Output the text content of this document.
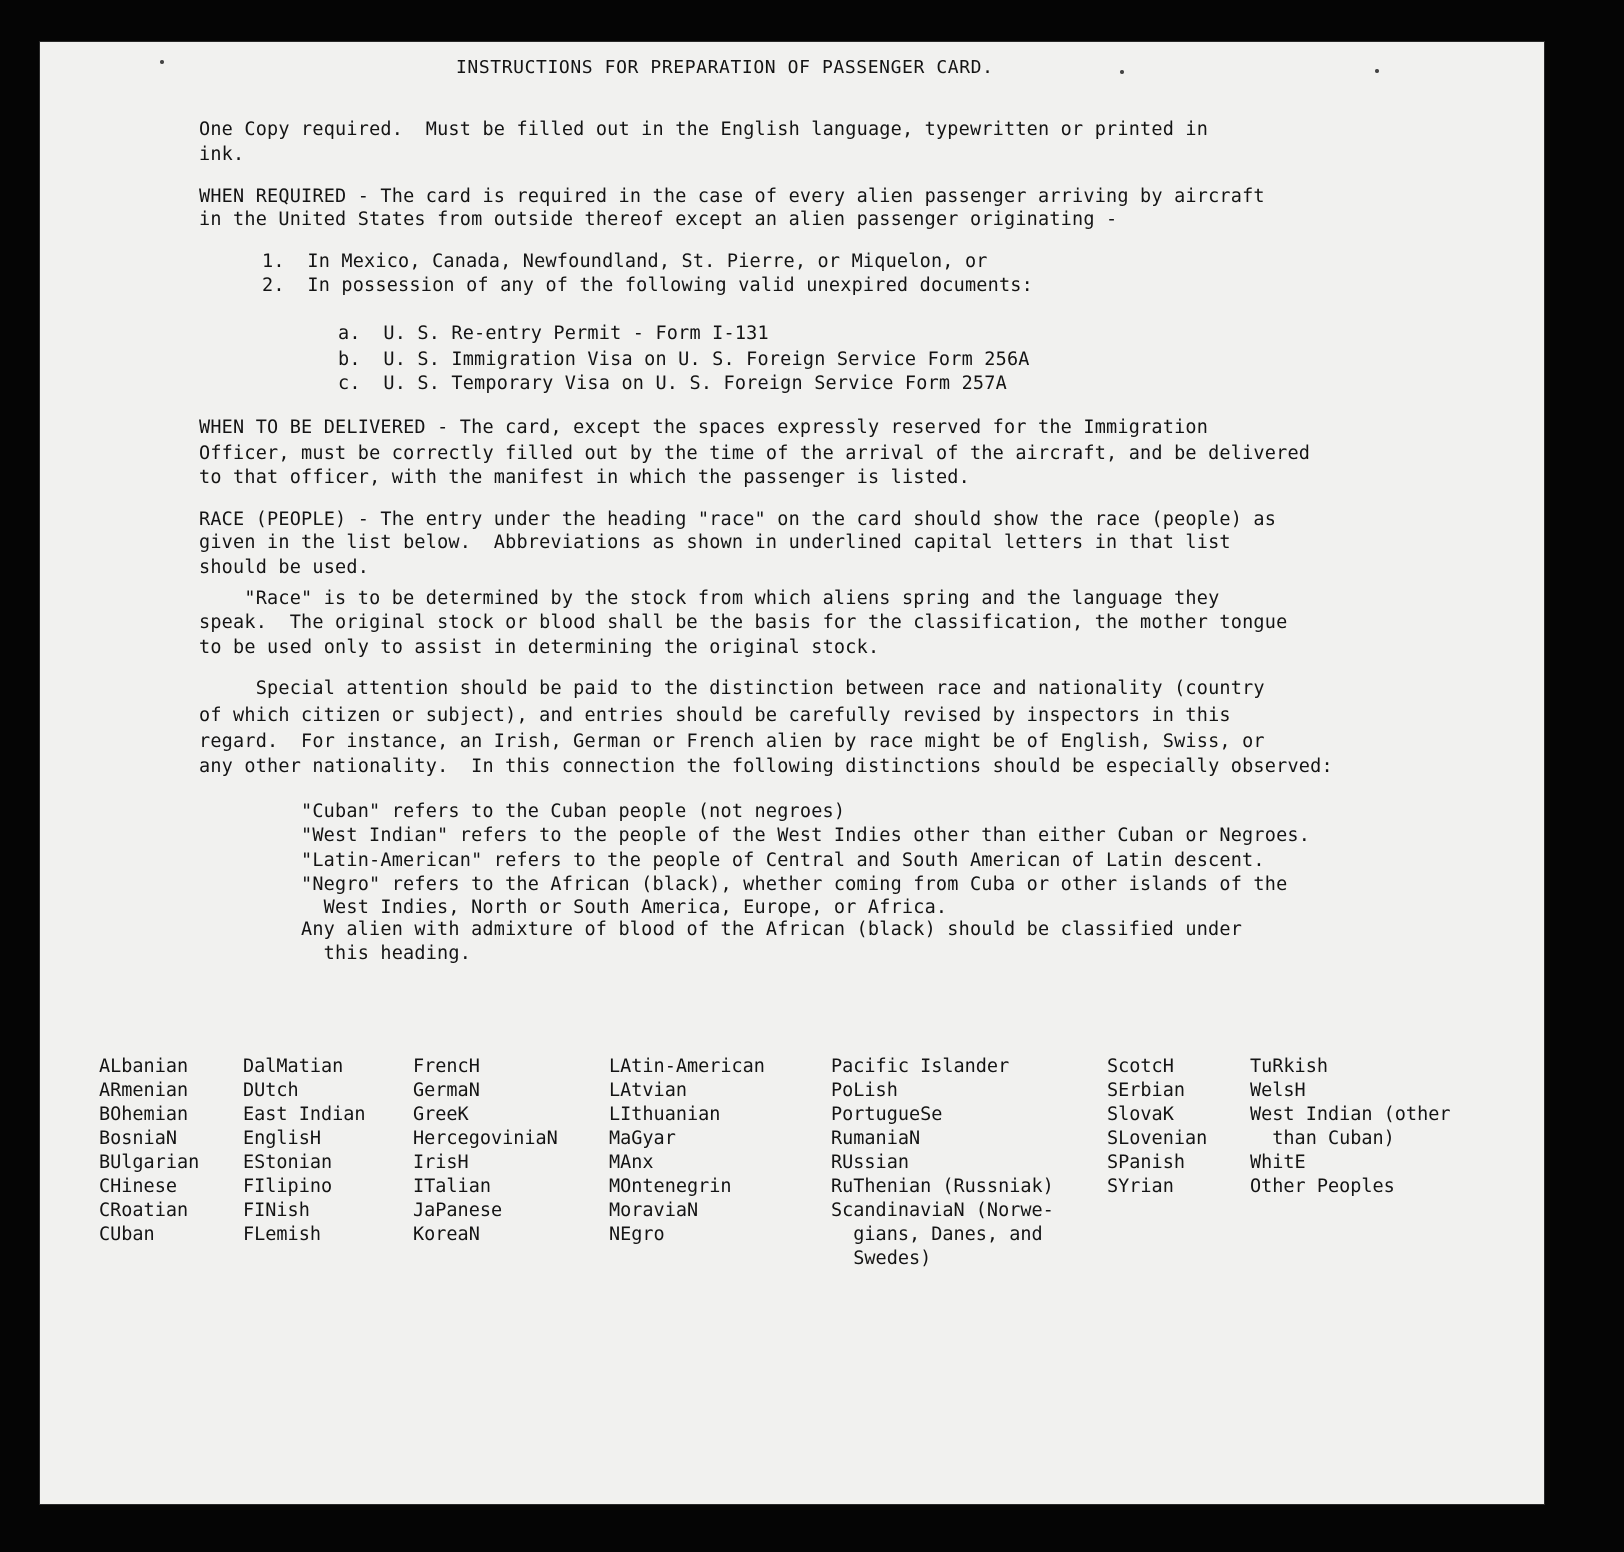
INSTRUCTIONS FOR PREPARATION OF PASSENGER CARD.
One Copy required.  Must be filled out in the English language, typewritten or printed in
ink.
WHEN REQUIRED - The card is required in the case of every alien passenger arriving by aircraft
in the United States from outside thereof except an alien passenger originating -
1.  In Mexico, Canada, Newfoundland, St. Pierre, or Miquelon, or
2.  In possession of any of the following valid unexpired documents:
a.  U. S. Re-entry Permit - Form I-131
b.  U. S. Immigration Visa on U. S. Foreign Service Form 256A
c.  U. S. Temporary Visa on U. S. Foreign Service Form 257A
WHEN TO BE DELIVERED - The card, except the spaces expressly reserved for the Immigration
Officer, must be correctly filled out by the time of the arrival of the aircraft, and be delivered
to that officer, with the manifest in which the passenger is listed.
RACE (PEOPLE) - The entry under the heading "race" on the card should show the race (people) as
given in the list below.  Abbreviations as shown in underlined capital letters in that list
should be used.
"Race" is to be determined by the stock from which aliens spring and the language they
speak.  The original stock or blood shall be the basis for the classification, the mother tongue
to be used only to assist in determining the original stock.
Special attention should be paid to the distinction between race and nationality (country
of which citizen or subject), and entries should be carefully revised by inspectors in this
regard.  For instance, an Irish, German or French alien by race might be of English, Swiss, or
any other nationality.  In this connection the following distinctions should be especially observed:
"Cuban" refers to the Cuban people (not negroes)
"West Indian" refers to the people of the West Indies other than either Cuban or Negroes.
"Latin-American" refers to the people of Central and South American of Latin descent.
"Negro" refers to the African (black), whether coming from Cuba or other islands of the
West Indies, North or South America, Europe, or Africa.
Any alien with admixture of blood of the African (black) should be classified under
this heading.
ALbanian
ARmenian
BOhemian
BosniaN
BUlgarian
CHinese
CRoatian
CUban
DalMatian
DUtch
East Indian
EnglisH
EStonian
FIlipino
FINish
FLemish
FrencH
GermaN
GreeK
HercegoviniaN
IrisH
ITalian
JaPanese
KoreaN
LAtin-American
LAtvian
LIthuanian
MaGyar
MAnx
MOntenegrin
MoraviaN
NEgro
Pacific Islander
PoLish
PortugueSe
RumaniaN
RUssian
RuThenian (Russniak)
ScandinaviaN (Norwe-
gians, Danes, and
Swedes)
ScotcH
SErbian
SlovaK
SLovenian
SPanish
SYrian
TuRkish
WelsH
West Indian (other
than Cuban)
WhitE
Other Peoples
